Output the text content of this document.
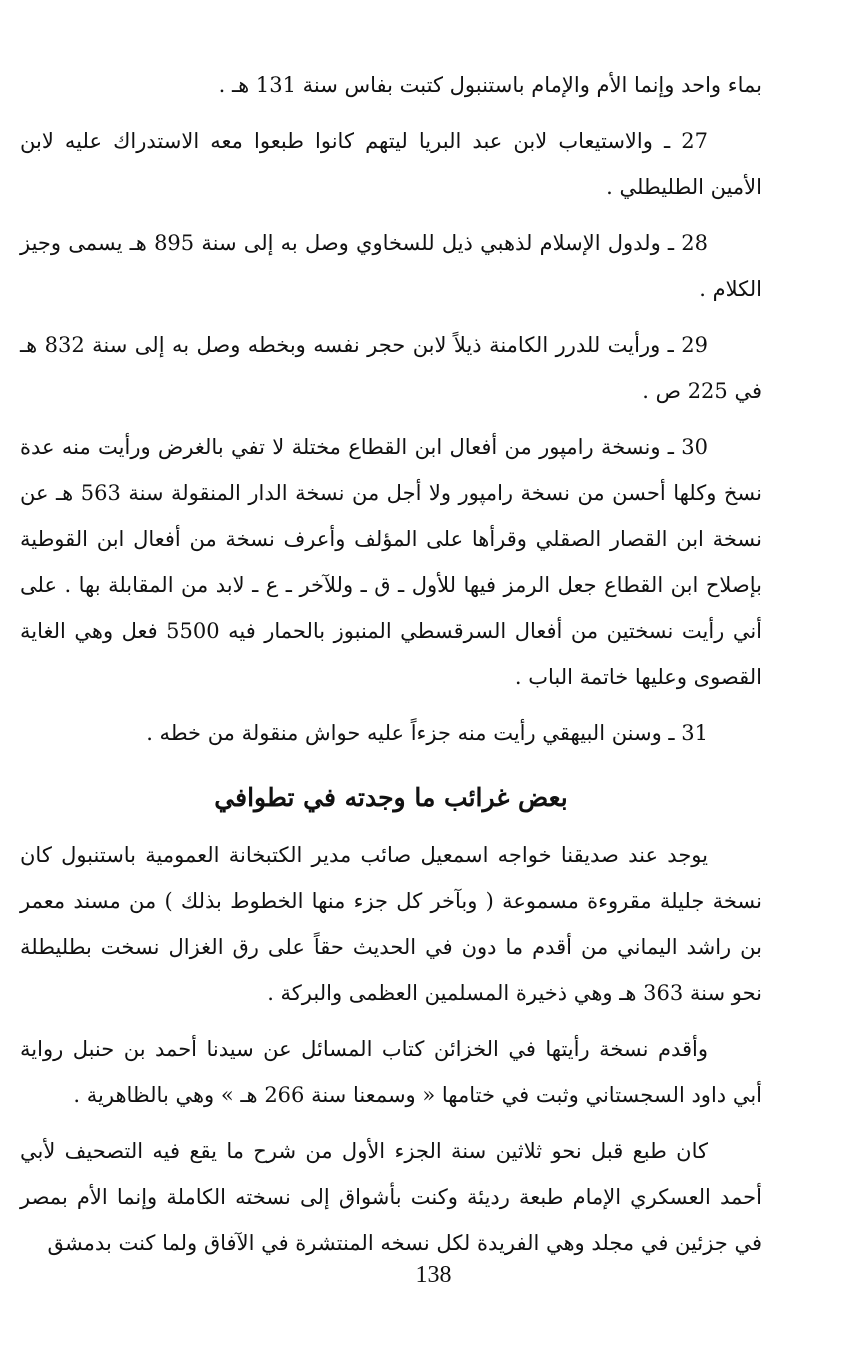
بماء واحد وإنما الأم والإمام باستنبول كتبت بفاس سنة 131 هـ .

27 ـ والاستيعاب لابن عبد البريا ليتهم كانوا طبعوا معه الاستدراك عليه لابن الأمين الطليطلي .

28 ـ ولدول الإسلام لذهبي ذيل للسخاوي وصل به إلى سنة 895 هـ يسمى وجيز الكلام .

29 ـ ورأيت للدرر الكامنة ذيلاً لابن حجر نفسه وبخطه وصل به إلى سنة 832 هـ في 225 ص .

30 ـ ونسخة رامپور من أفعال ابن القطاع مختلة لا تفي بالغرض ورأيت منه عدة نسخ وكلها أحسن من نسخة رامپور ولا أجل من نسخة الدار المنقولة سنة 563 هـ عن نسخة ابن القصار الصقلي وقرأها على المؤلف وأعرف نسخة من أفعال ابن القوطية بإصلاح ابن القطاع جعل الرمز فيها للأول ـ ق ـ وللآخر ـ ع ـ لابد من المقابلة بها . على أني رأيت نسختين من أفعال السرقسطي المنبوز بالحمار فيه 5500 فعل وهي الغاية القصوى وعليها خاتمة الباب .

31 ـ وسنن البيهقي رأيت منه جزءاً عليه حواش منقولة من خطه .

بعض غرائب ما وجدته في تطوافي

يوجد عند صديقنا خواجه اسمعيل صائب مدير الكتبخانة العمومية باستنبول كان نسخة جليلة مقروءة مسموعة ( وبآخر كل جزء منها الخطوط بذلك ) من مسند معمر بن راشد اليماني من أقدم ما دون في الحديث حقاً على رق الغزال نسخت بطليطلة نحو سنة 363 هـ وهي ذخيرة المسلمين العظمى والبركة .

وأقدم نسخة رأيتها في الخزائن كتاب المسائل عن سيدنا أحمد بن حنبل رواية أبي داود السجستاني وثبت في ختامها « وسمعنا سنة 266 هـ » وهي بالظاهرية .

كان طبع قبل نحو ثلاثين سنة الجزء الأول من شرح ما يقع فيه التصحيف لأبي أحمد العسكري الإمام طبعة رديئة وكنت بأشواق إلى نسخته الكاملة وإنما الأم بمصر في جزئين في مجلد وهي الفريدة لكل نسخه المنتشرة في الآفاق ولما كنت بدمشق

138
